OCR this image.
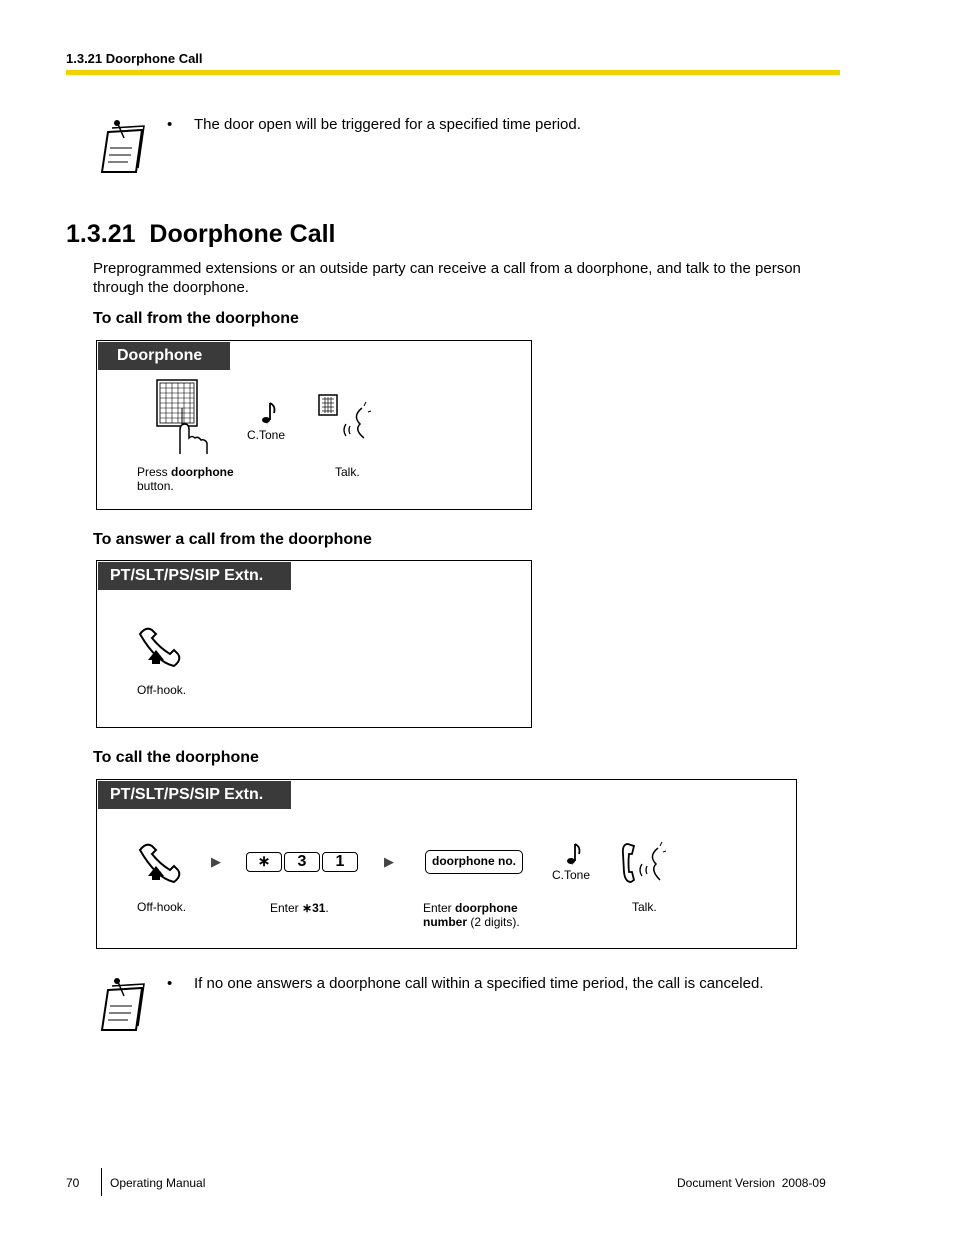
1.3.21 Doorphone Call
• The door open will be triggered for a specified time period.
1.3.21  Doorphone Call
Preprogrammed extensions or an outside party can receive a call from a doorphone, and talk to the person through the doorphone.
To call from the doorphone
Doorphone
C.Tone
Press doorphone
button.
Talk.
To answer a call from the doorphone
PT/SLT/PS/SIP Extn.
Off-hook.
To call the doorphone
PT/SLT/PS/SIP Extn.
Off-hook.
▶	∗	3	1
Enter ∗31.
▶	doorphone no.
Enter doorphone
number (2 digits).
C.Tone
Talk.
• If no one answers a doorphone call within a specified time period, the call is canceled.
70	Operating Manual	Document Version  2008-09
